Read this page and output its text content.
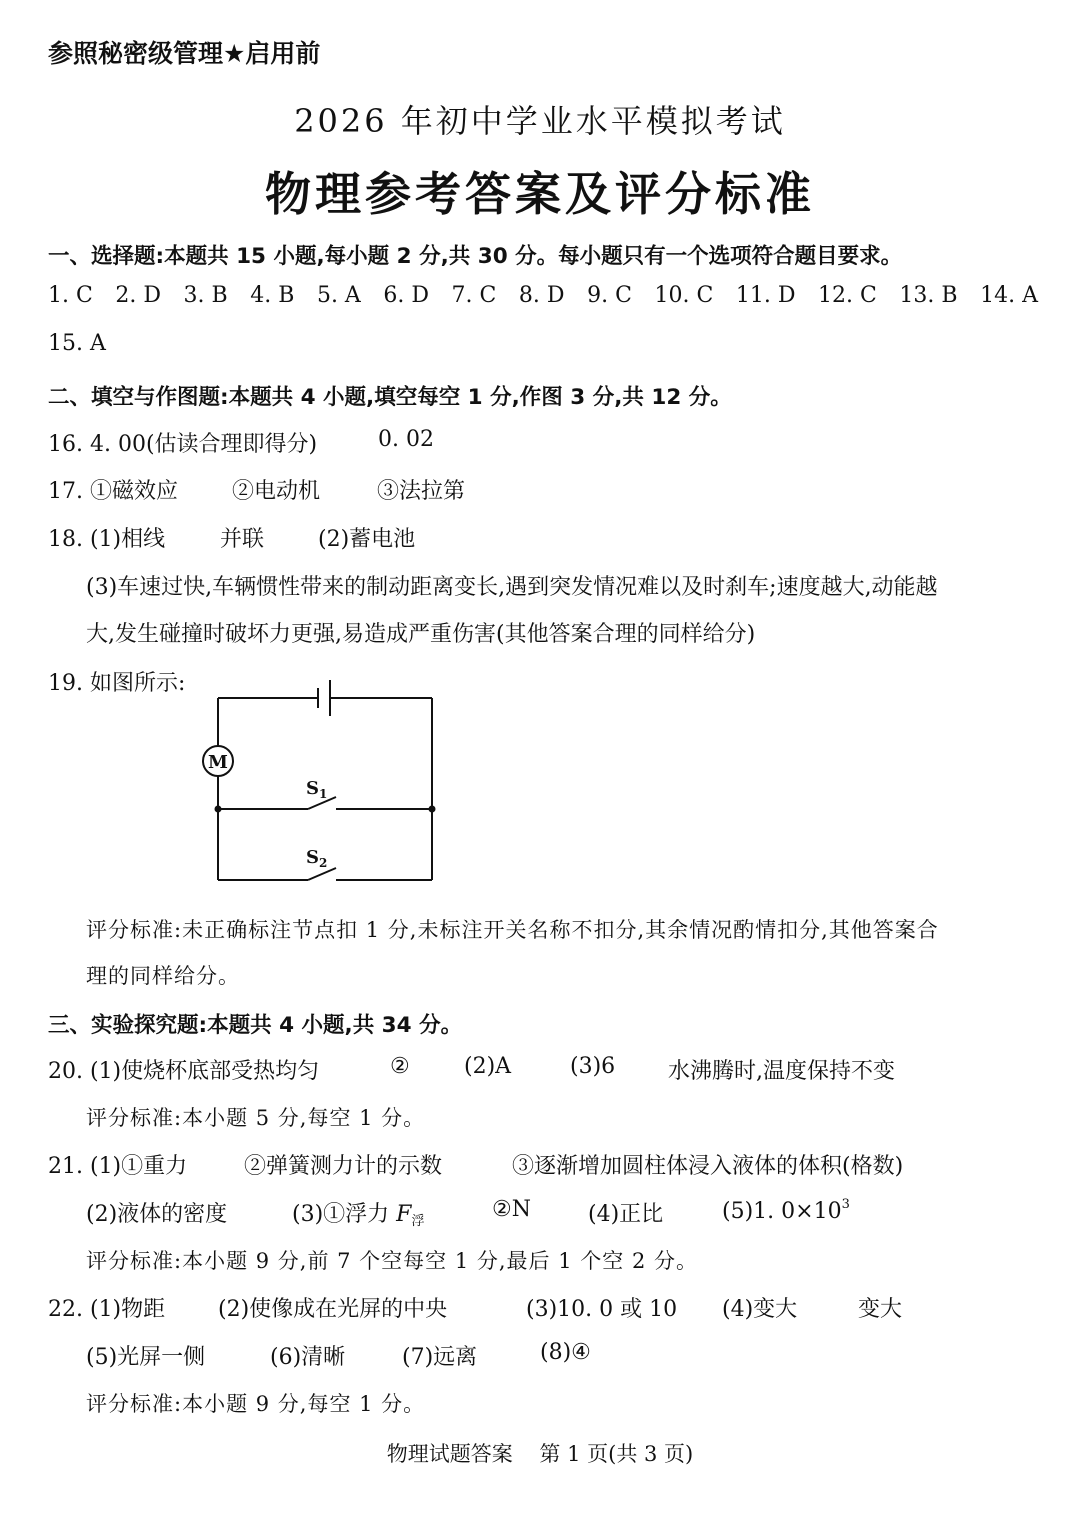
参照秘密级管理★启用前
2026 年初中学业水平模拟考试
物理参考答案及评分标准
一、选择题:本题共 15 小题,每小题 2 分,共 30 分。每小题只有一个选项符合题目要求。
1. C 2. D 3. B 4. B 5. A 6. D 7. C 8. D 9. C 10. C 11. D 12. C 13. B 14. A
15. A
二、填空与作图题:本题共 4 小题,填空每空 1 分,作图 3 分,共 12 分。
16. 4. 00(估读合理即得分)	0. 02
17. ①磁效应 ②电动机	③法拉第
18. (1)相线 并联 (2)蓄电池
(3)车速过快,车辆惯性带来的制动距离变长,遇到突发情况难以及时刹车;速度越大,动能越
大,发生碰撞时破坏力更强,易造成严重伤害(其他答案合理的同样给分)
19. 如图所示:
M
$S_1$
$S_2$
评分标准:未正确标注节点扣 1 分,未标注开关名称不扣分,其余情况酌情扣分,其他答案合
理的同样给分。
三、实验探究题:本题共 4 小题,共 34 分。
20. (1)使烧杯底部受热均匀	② (2)A	(3)6 水沸腾时,温度保持不变
评分标准:本小题 5 分,每空 1 分。
21. (1)①重力	②弹簧测力计的示数	③逐渐增加圆柱体浸入液体的体积(格数)
(2)液体的密度	(3)①浮力 $F_浮$	②N	(4)正比	(5)1. $0\times 10^3$
评分标准:本小题 9 分,前 7 个空每空 1 分,最后 1 个空 2 分。
22. (1)物距 (2)使像成在光屏的中央	(3)10. 0 或 10 (4)变大	变大
(5)光屏一侧	(6)清晰	(7)远离	(8)④
评分标准:本小题 9 分,每空 1 分。
物理试题答案    第 1 页(共 3 页)
